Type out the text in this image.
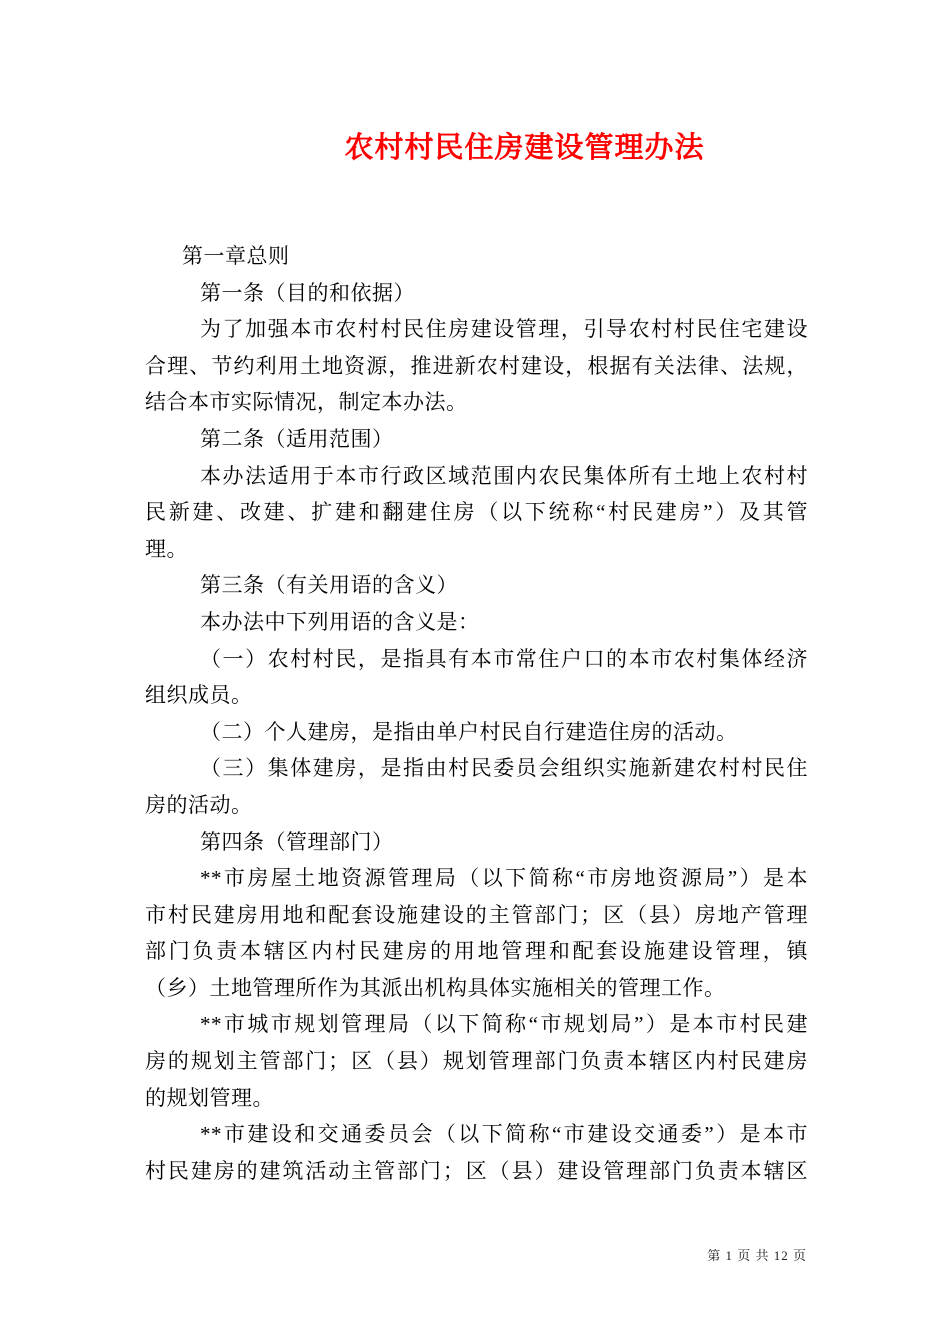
农村村民住房建设管理办法
第一章总则
第一条（目的和依据）
为了加强本市农村村民住房建设管理，引导农村村民住宅建设
合理、节约利用土地资源，推进新农村建设，根据有关法律、法规，
结合本市实际情况，制定本办法。
第二条（适用范围）
本办法适用于本市行政区域范围内农民集体所有土地上农村村
民新建、改建、扩建和翻建住房（以下统称“村民建房”）及其管
理。
第三条（有关用语的含义）
本办法中下列用语的含义是：
（一）农村村民，是指具有本市常住户口的本市农村集体经济
组织成员。
（二）个人建房，是指由单户村民自行建造住房的活动。
（三）集体建房，是指由村民委员会组织实施新建农村村民住
房的活动。
第四条（管理部门）
**市房屋土地资源管理局（以下简称“市房地资源局”）是本
市村民建房用地和配套设施建设的主管部门；区（县）房地产管理
部门负责本辖区内村民建房的用地管理和配套设施建设管理，镇
（乡）土地管理所作为其派出机构具体实施相关的管理工作。
**市城市规划管理局（以下简称“市规划局”）是本市村民建
房的规划主管部门；区（县）规划管理部门负责本辖区内村民建房
的规划管理。
**市建设和交通委员会（以下简称“市建设交通委”）是本市
村民建房的建筑活动主管部门；区（县）建设管理部门负责本辖区
第 1 页 共 12 页
